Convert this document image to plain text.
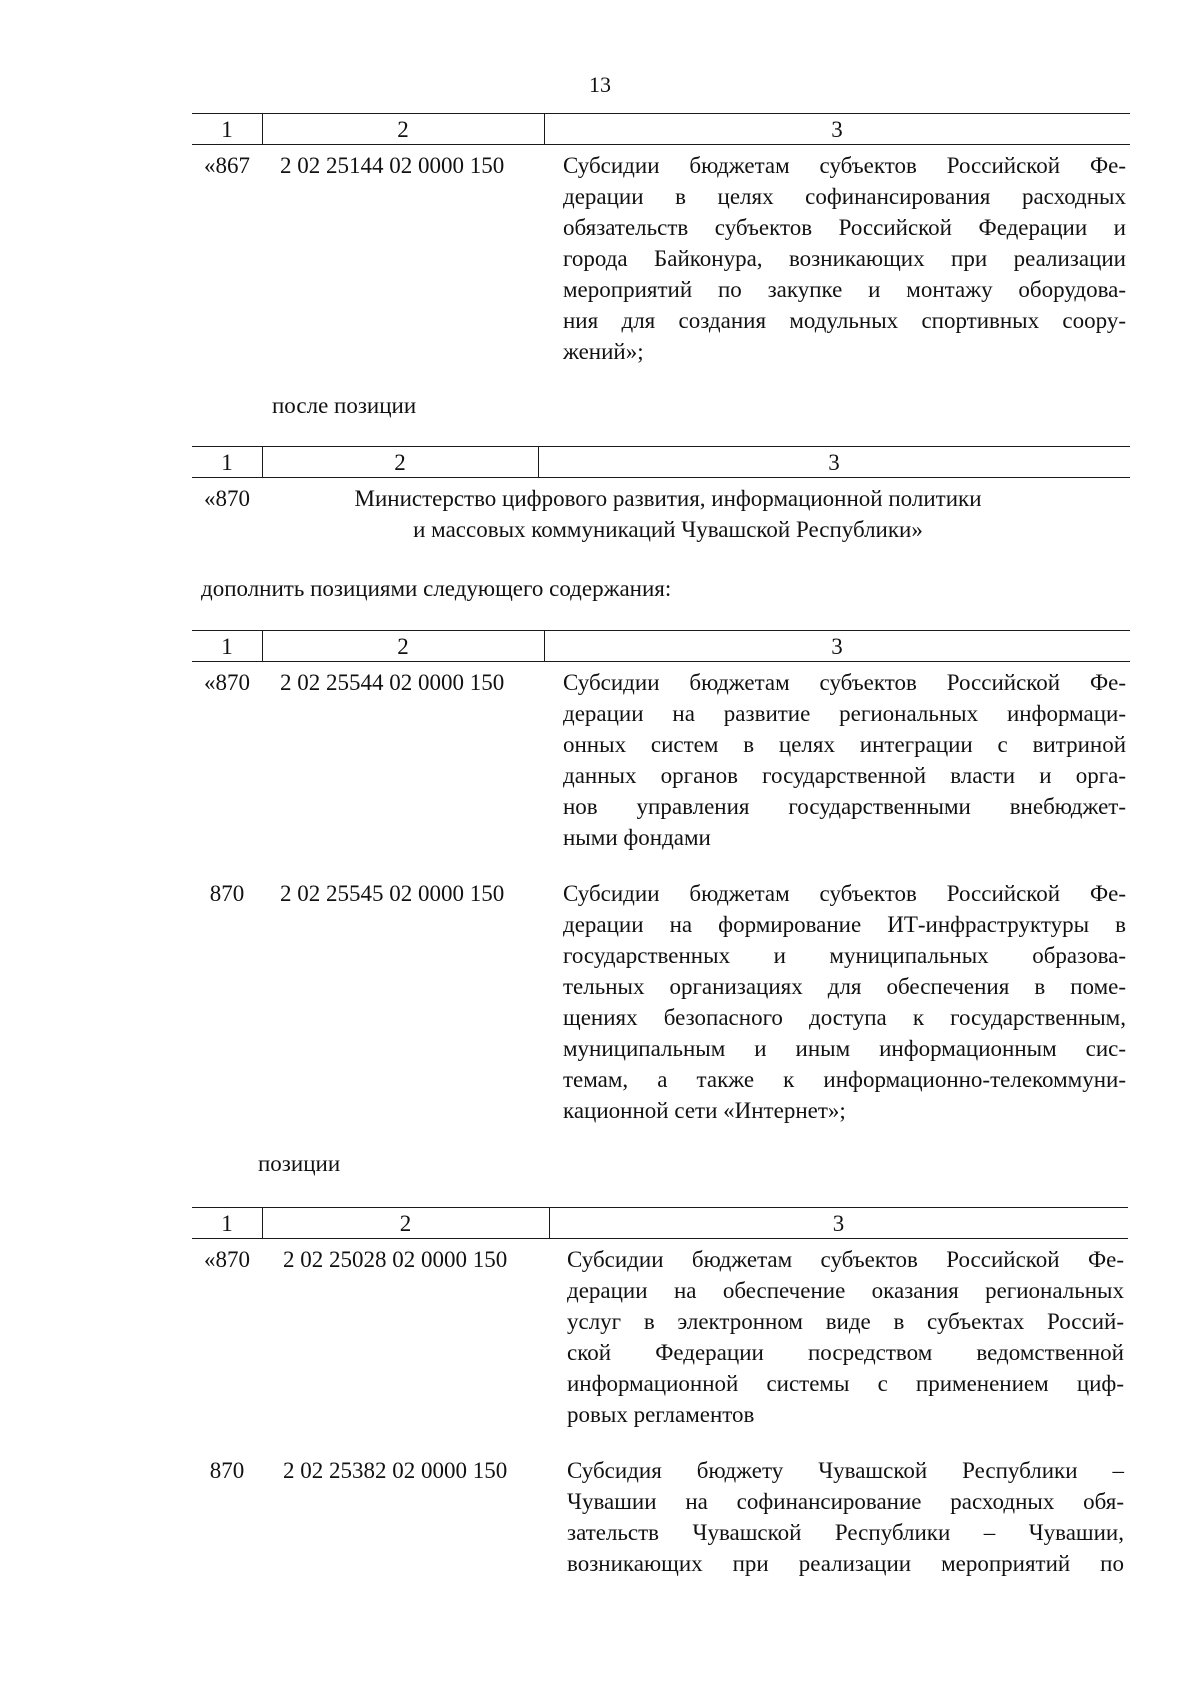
13
1	2	3
«867	2 02 25144 02 0000 150	Субсидии бюджетам субъектов Российской Фе-
дерации в целях софинансирования расходных
обязательств субъектов Российской Федерации и
города Байконура, возникающих при реализации
мероприятий по закупке и монтажу оборудова-
ния для создания модульных спортивных соору-
жений»;
после позиции
1	2	3
«870	Министерство цифрового развития, информационной политики
и массовых коммуникаций Чувашской Республики»
дополнить позициями следующего содержания:
1	2	3
«870	2 02 25544 02 0000 150	Субсидии бюджетам субъектов Российской Фе-
дерации на развитие региональных информаци-
онных систем в целях интеграции с витриной
данных органов государственной власти и орга-
нов управления государственными внебюджет-
ными фондами
870	2 02 25545 02 0000 150	Субсидии бюджетам субъектов Российской Фе-
дерации на формирование ИТ-инфраструктуры в
государственных и муниципальных образова-
тельных организациях для обеспечения в поме-
щениях безопасного доступа к государственным,
муниципальным и иным информационным сис-
темам, а также к информационно-телекоммуни-
кационной сети «Интернет»;
позиции
1	2	3
«870	2 02 25028 02 0000 150	Субсидии бюджетам субъектов Российской Фе-
дерации на обеспечение оказания региональных
услуг в электронном виде в субъектах Россий-
ской Федерации посредством ведомственной
информационной системы с применением циф-
ровых регламентов
870	2 02 25382 02 0000 150	Субсидия бюджету Чувашской Республики –
Чувашии на софинансирование расходных обя-
зательств Чувашской Республики – Чувашии,
возникающих при реализации мероприятий по
